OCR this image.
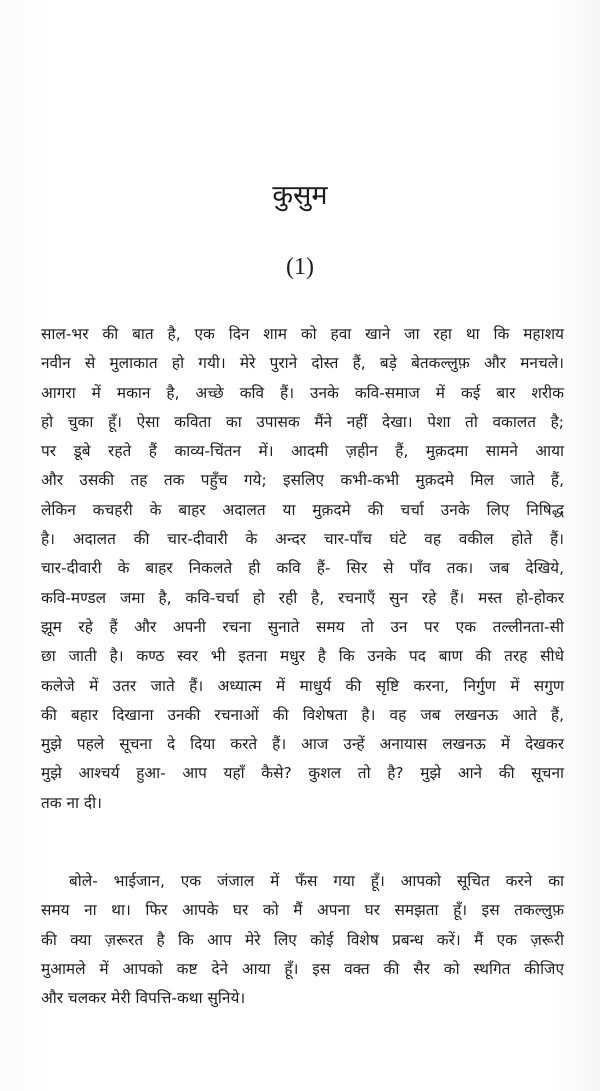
कुसुम
(1)
साल-भर की बात है, एक दिन शाम को हवा खाने जा रहा था कि महाशय
नवीन से मुलाकात हो गयी। मेरे पुराने दोस्त हैं, बड़े बेतकल्लुफ़ और मनचले।
आगरा में मकान है, अच्छे कवि हैं। उनके कवि-समाज में कई बार शरीक
हो चुका हूँ। ऐसा कविता का उपासक मैंने नहीं देखा। पेशा तो वकालत है;
पर डूबे रहते हैं काव्य-चिंतन में। आदमी ज़हीन हैं, मुक़दमा सामने आया
और उसकी तह तक पहुँच गये; इसलिए कभी-कभी मुक़दमे मिल जाते हैं,
लेकिन कचहरी के बाहर अदालत या मुक़दमे की चर्चा उनके लिए निषिद्ध
है। अदालत की चार-दीवारी के अन्दर चार-पाँच घंटे वह वकील होते हैं।
चार-दीवारी के बाहर निकलते ही कवि हैं- सिर से पाँव तक। जब देखिये,
कवि-मण्डल जमा है, कवि-चर्चा हो रही है, रचनाएँ सुन रहे हैं। मस्त हो-होकर
झूम रहे हैं और अपनी रचना सुनाते समय तो उन पर एक तल्लीनता-सी
छा जाती है। कण्ठ स्वर भी इतना मधुर है कि उनके पद बाण की तरह सीधे
कलेजे में उतर जाते हैं। अध्यात्म में माधुर्य की सृष्टि करना, निर्गुण में सगुण
की बहार दिखाना उनकी रचनाओं की विशेषता है। वह जब लखनऊ आते हैं,
मुझे पहले सूचना दे दिया करते हैं। आज उन्हें अनायास लखनऊ में देखकर
मुझे आश्चर्य हुआ- आप यहाँ कैसे? कुशल तो है? मुझे आने की सूचना
तक ना दी।
बोले- भाईजान, एक जंजाल में फँस गया हूँ। आपको सूचित करने का
समय ना था। फिर आपके घर को मैं अपना घर समझता हूँ। इस तकल्लुफ़
की क्या ज़रूरत है कि आप मेरे लिए कोई विशेष प्रबन्ध करें। मैं एक ज़रूरी
मुआमले में आपको कष्ट देने आया हूँ। इस वक्त की सैर को स्थगित कीजिए
और चलकर मेरी विपत्ति-कथा सुनिये।
